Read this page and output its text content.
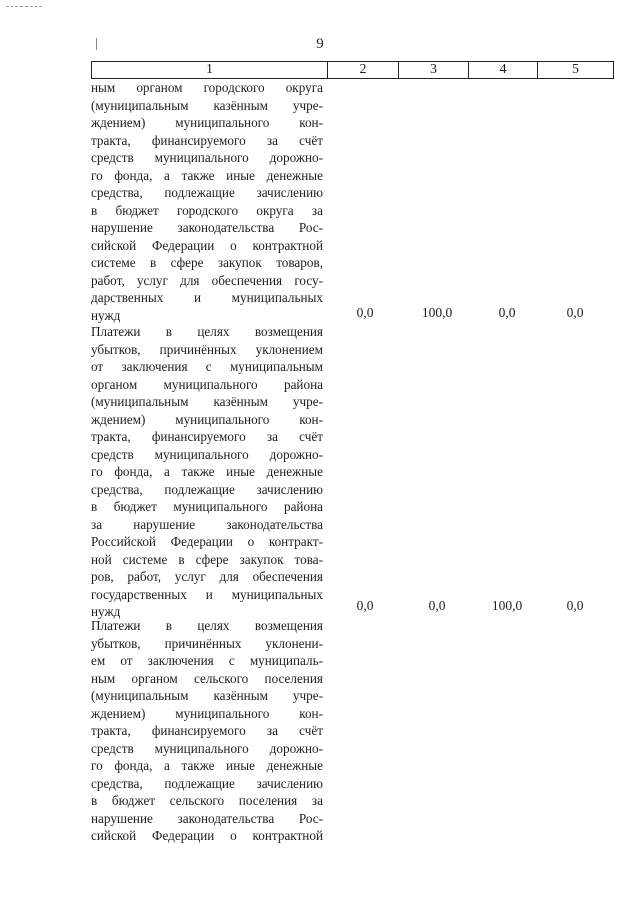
9
1	2	3	4	5
ным органом городского округа
(муниципальным казённым учре-
ждением) муниципального кон-
тракта, финансируемого за счёт
средств муниципального дорожно-
го фонда, а также иные денежные
средства, подлежащие зачислению
в бюджет городского округа за
нарушение законодательства Рос-
сийской Федерации о контрактной
системе в сфере закупок товаров,
работ, услуг для обеспечения госу-
дарственных и муниципальных
нужд	0,0	100,0	0,0	0,0
Платежи в целях возмещения
убытков, причинённых уклонением
от заключения с муниципальным
органом муниципального района
(муниципальным казённым учре-
ждением) муниципального кон-
тракта, финансируемого за счёт
средств муниципального дорожно-
го фонда, а также иные денежные
средства, подлежащие зачислению
в бюджет муниципального района
за нарушение законодательства
Российской Федерации о контракт-
ной системе в сфере закупок това-
ров, работ, услуг для обеспечения
государственных и муниципальных
нужд	0,0	0,0	100,0	0,0
Платежи в целях возмещения
убытков, причинённых уклонени-
ем от заключения с муниципаль-
ным органом сельского поселения
(муниципальным казённым учре-
ждением) муниципального кон-
тракта, финансируемого за счёт
средств муниципального дорожно-
го фонда, а также иные денежные
средства, подлежащие зачислению
в бюджет сельского поселения за
нарушение законодательства Рос-
сийской Федерации о контрактной
